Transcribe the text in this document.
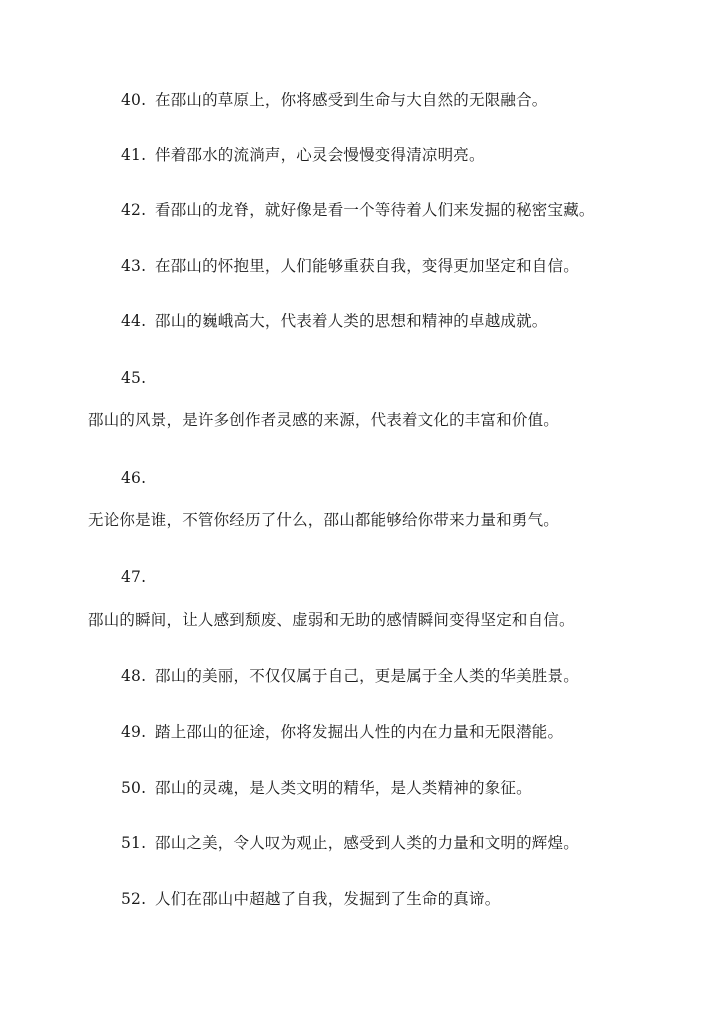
40. 在邵山的草原上，你将感受到生命与大自然的无限融合。
41. 伴着邵水的流淌声，心灵会慢慢变得清凉明亮。
42. 看邵山的龙脊，就好像是看一个等待着人们来发掘的秘密宝藏。
43. 在邵山的怀抱里，人们能够重获自我，变得更加坚定和自信。
44. 邵山的巍峨高大，代表着人类的思想和精神的卓越成就。
45.
邵山的风景，是许多创作者灵感的来源，代表着文化的丰富和价值。
46.
无论你是谁，不管你经历了什么，邵山都能够给你带来力量和勇气。
47.
邵山的瞬间，让人感到颓废、虚弱和无助的感情瞬间变得坚定和自信。
48. 邵山的美丽，不仅仅属于自己，更是属于全人类的华美胜景。
49. 踏上邵山的征途，你将发掘出人性的内在力量和无限潜能。
50. 邵山的灵魂，是人类文明的精华，是人类精神的象征。
51. 邵山之美，令人叹为观止，感受到人类的力量和文明的辉煌。
52. 人们在邵山中超越了自我，发掘到了生命的真谛。
